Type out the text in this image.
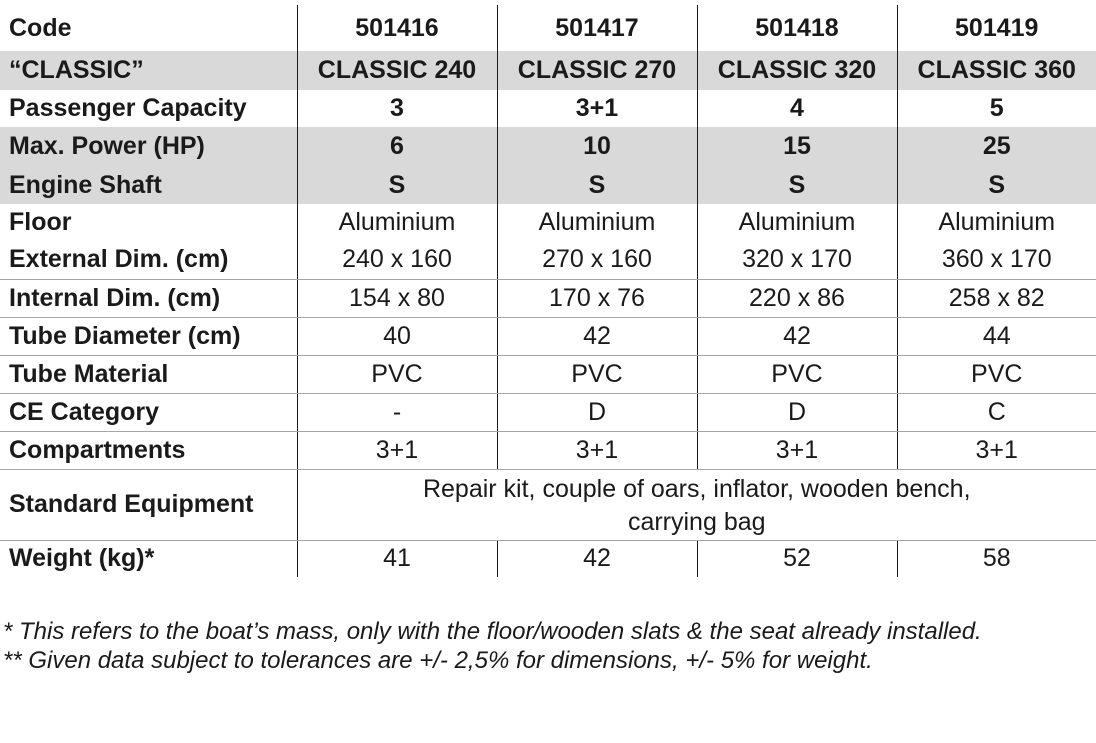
Code	501416	501417	501418	501419
“CLASSIC”	CLASSIC 240	CLASSIC 270	CLASSIC 320	CLASSIC 360
Passenger Capacity	3	3+1	4	5
Max. Power (HP)	6	10	15	25
Engine Shaft	S	S	S	S
Floor	Aluminium	Aluminium	Aluminium	Aluminium
External Dim. (cm)	240 x 160	270 x 160	320 x 170	360 x 170
Internal Dim. (cm)	154 x 80	170 x 76	220 x 86	258 x 82
Tube Diameter (cm)	40	42	42	44
Tube Material	PVC	PVC	PVC	PVC
CE Category	-	D	D	C
Compartments	3+1	3+1	3+1	3+1
Standard Equipment	Repair kit, couple of oars, inflator, wooden bench, carrying bag			

Weight (kg)*	41	42	52	58
* This refers to the boat’s mass, only with the floor/wooden slats & the seat already installed.
** Given data subject to tolerances are +/- 2,5% for dimensions, +/- 5% for weight.
